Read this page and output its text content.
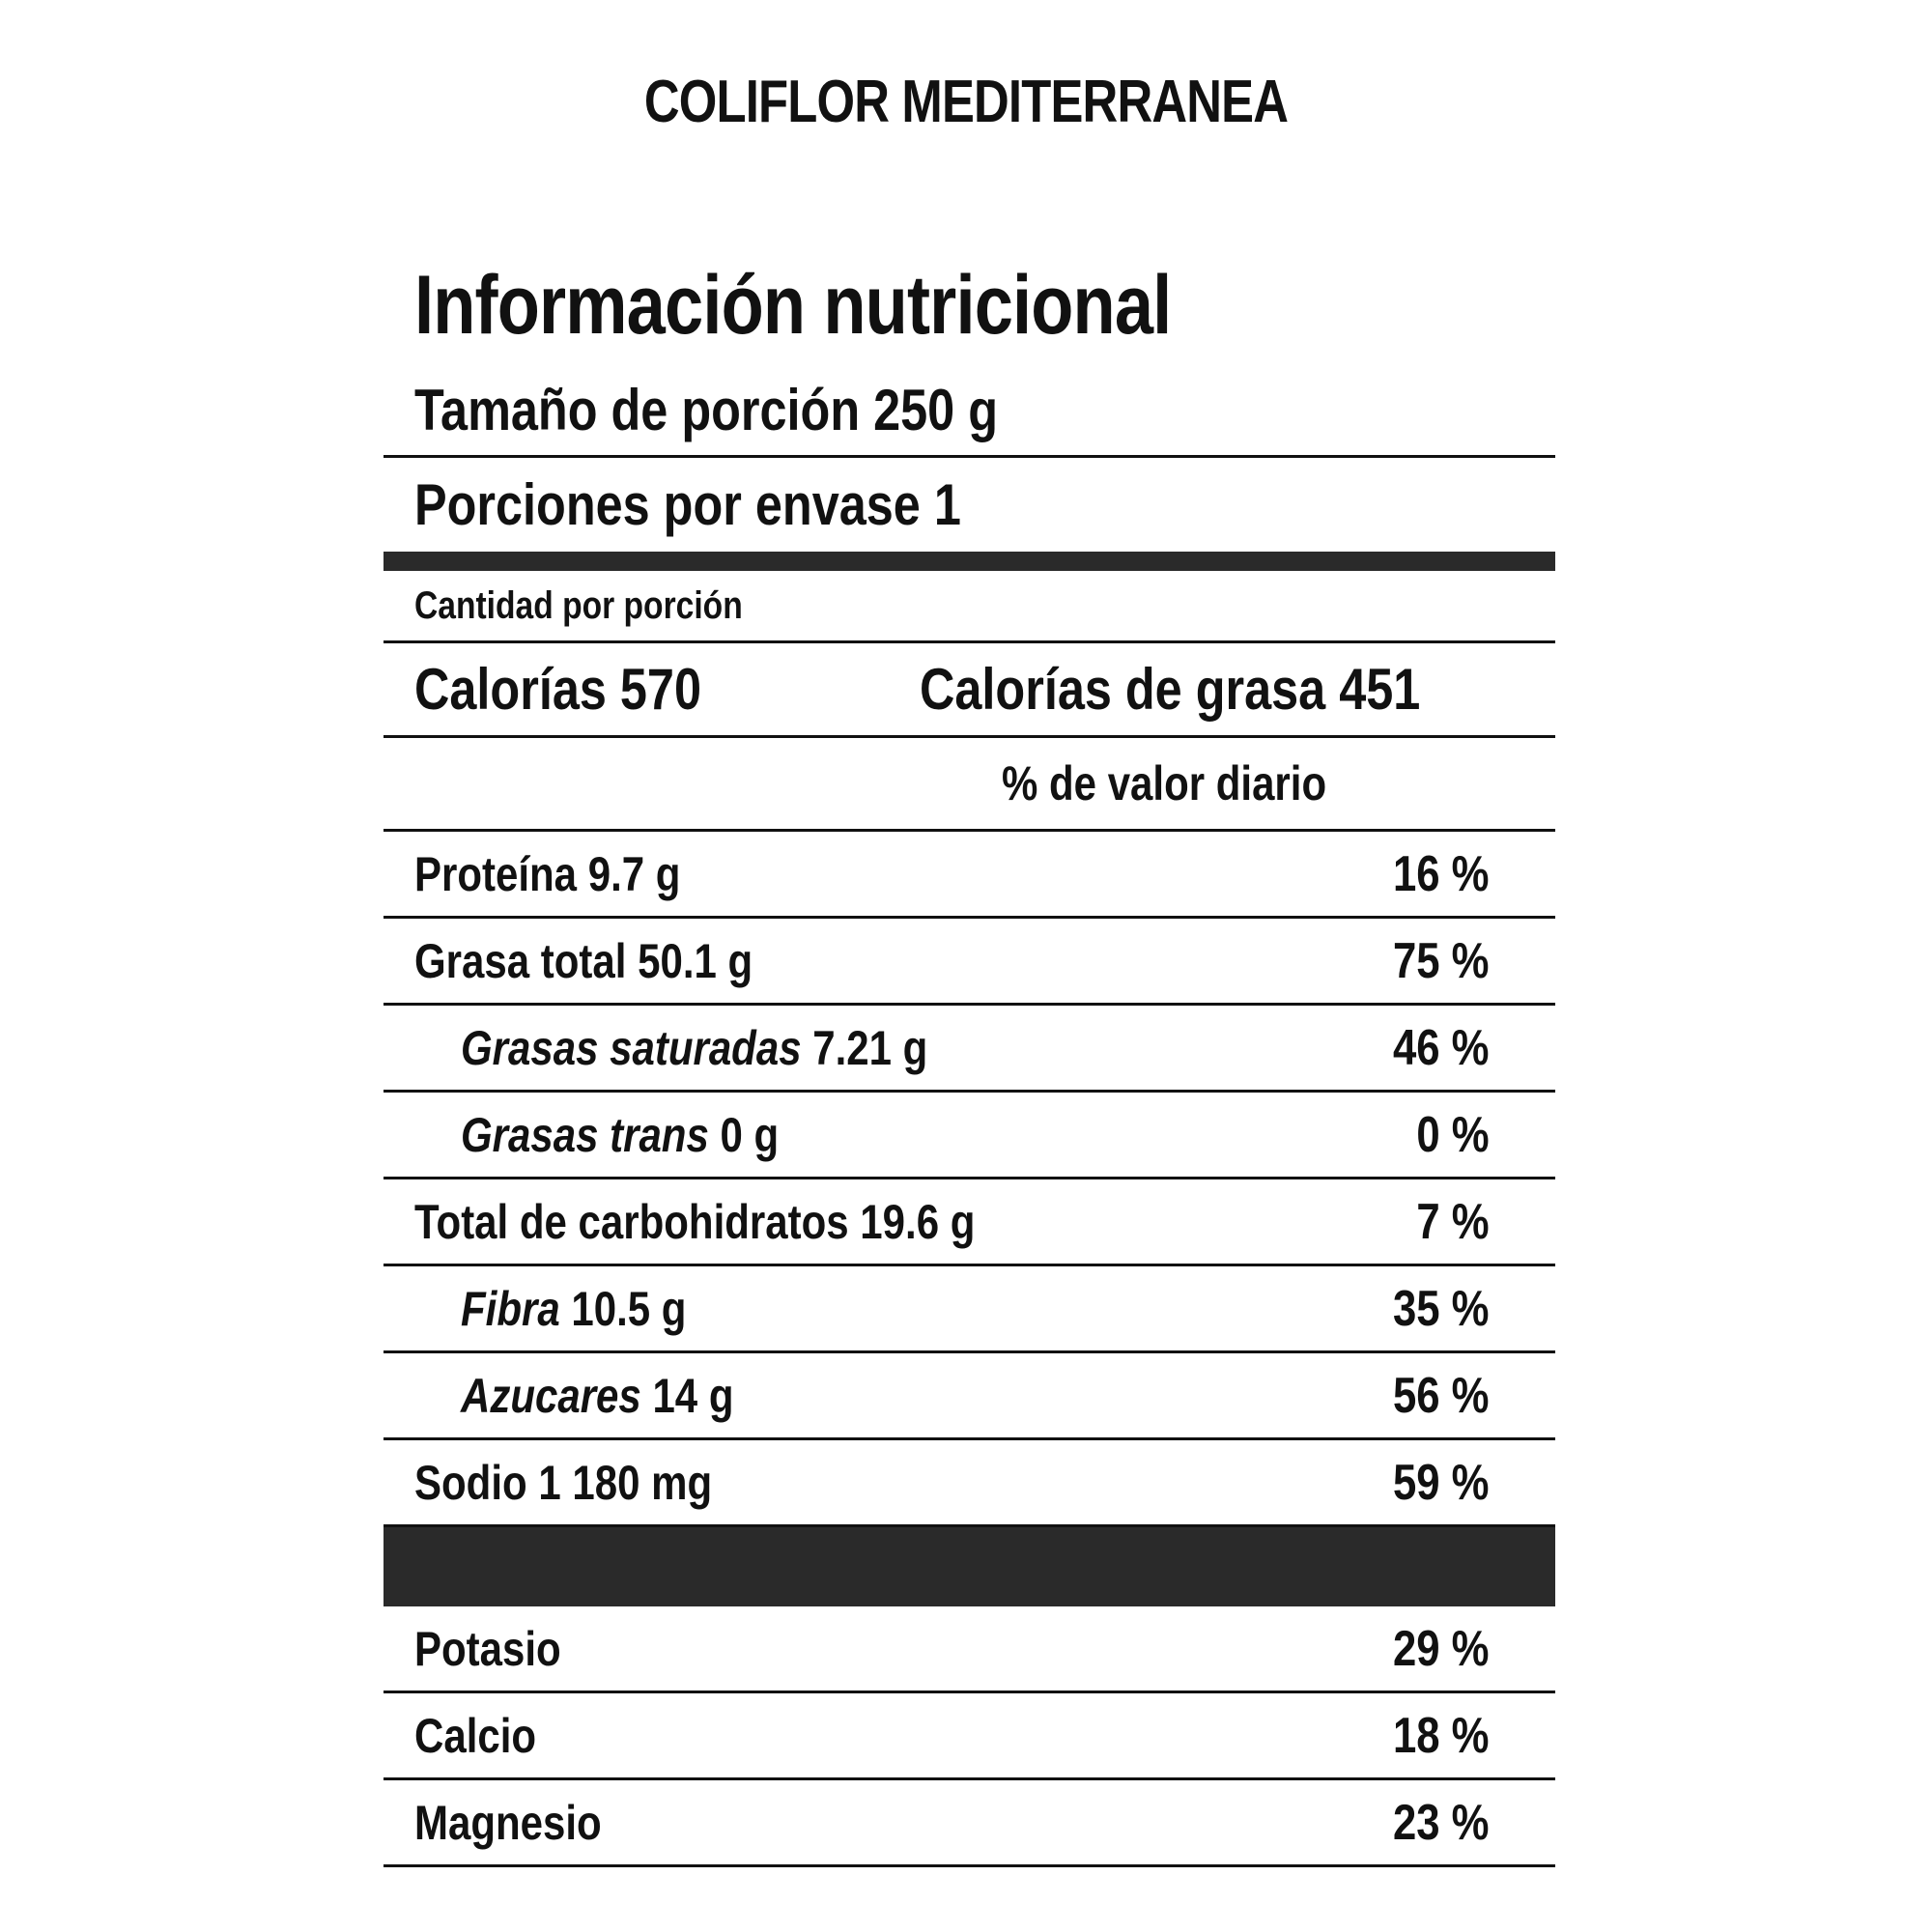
COLIFLOR MEDITERRANEA
Información nutricional
Tamaño de porción 250 g
Porciones por envase 1
Cantidad por porción
Calorías 570	Calorías de grasa 451
% de valor diario
Proteína 9.7 g	16 %
Grasa total 50.1 g	75 %
Grasas saturadas 7.21 g	46 %
Grasas trans 0 g	0 %
Total de carbohidratos 19.6 g	7 %
Fibra 10.5 g	35 %
Azucares 14 g	56 %
Sodio 1 180 mg	59 %
Potasio	29 %
Calcio	18 %
Magnesio	23 %
